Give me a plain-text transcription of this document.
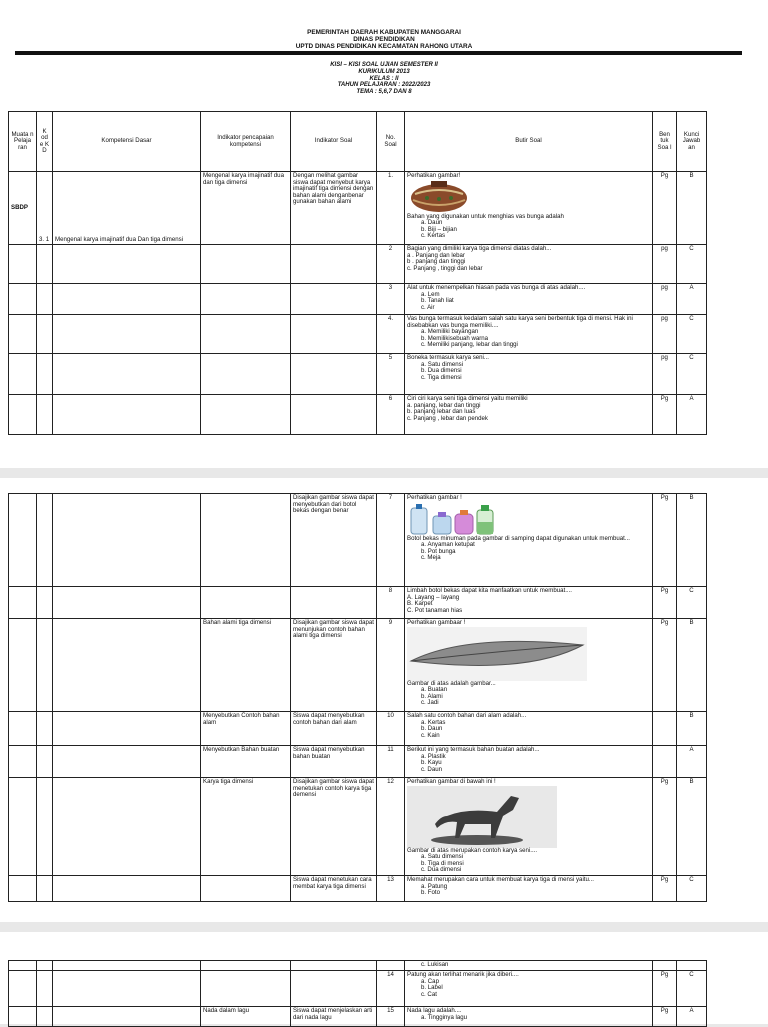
PEMERINTAH DAERAH KABUPATEN MANGGARAI
DINAS PENDIDIKAN
UPTD DINAS PENDIDIKAN KECAMATAN RAHONG UTARA
KISI – KISI SOAL UJIAN SEMESTER II
KURIKULUM 2013
KELAS : II
TAHUN PELAJARAN : 2022/2023
TEMA : 5,6,7 DAN 8
Muata n Pelaja ran	K od e K D	Kompetensi Dasar	Indikator pencapaian kompetensi	Indikator Soal	No. Soal	Butir Soal	Ben tuk Soa l	Kunci Jawab an
SBDP	3. 1	Mengenal karya imajinatif dua Dan tiga dimensi	Mengenal karya imajinatif dua dan tiga dimensi	Dengan melihat gambar siswa dapat menyebut karya imajinatif tiga dimensi dengan bahan alami denganbenar gunakan bahan alami	1.	Perhatikan gambar!
Bahan yang digunakan untuk menghias vas bunga adalah
a. Daun
b. Biji – bijian
c. Kertas	Pg	B
					2	Bagian yang dimiliki karya tiga dimensi diatas dalah...
a . Panjang dan lebar
b . panjang dan tinggi
c. Panjang , tinggi dan lebar	pg	C
					3	Alat untuk menempelkan hiasan pada vas bunga di atas adalah....
a. Lem
b. Tanah liat
c. Air	pg	A
					4.	Vas bunga termasuk kedalam salah satu karya seni berbentuk tiga di mensi. Hak ini disebabkan vas bunga memiliki....
a. Memiliki bayangan
b. Memilikisebuah warna
c. Memiliki panjang, lebar dan tinggi	pg	C
					5	Boneka termasuk karya seni...
a. Satu dimensi
b. Dua dimensi
c. Tiga dimensi	pg	C
					6	Ciri ciri karya seni tiga dimensi yaitu memiliki
a. panjang, lebar dan tinggi
b. panjang lebar dan luas
c. Panjang , lebar dan pendek	Pg	A
				Disajikan gambar siswa dapat menyebutkan dari botol bekas dengan benar	7	Perhatikan gambar !
Botol bekas minuman pada gambar di samping dapat digunakan untuk membuat...
a. Anyaman ketupat
b. Pot bunga
c. Meja	Pg	B
					8	Limbah botol bekas dapat kita manfaatkan untuk membuat....
A. Layang – layang
B. Karpet
C. Pot tanaman hias	Pg	C
			Bahan alami tiga dimensi	Disajikan gambar siswa dapat menunjukan contoh bahan alami tiga dimensi	9	Perhatikan gambaar !
Gambar di atas adalah gambar...
a. Buatan
b. Alami
c. Jadi	Pg	B
			Menyebutkan Contoh bahan alam	Siswa dapat menyebutkan contoh bahan dari alam	10	Salah satu contoh bahan dari alam adalah...
a. Kertas
b. Daun
c. Kain		B
			Menyebutkan Bahan buatan	Siswa dapat menyebutkan bahan buatan	11	Berikut ini yang termasuk bahan buatan adalah...
a. Plastik
b. Kayu
c. Daun		A
			Karya tiga dimensi	Disajikan gambar siswa dapat menetukan contoh karya tiga demensi	12	Perhatikan gambar di bawah ini !
Gambar di atas merupakan contoh karya seni....
a. Satu dimensi
b. Tiga di mensi
c. Dua dimensi	Pg	B
				Siswa dapat menetukan cara membat karya tiga dimensi	13	Memahat merupakan cara untuk membuat karya tiga di mensi yaitu...
a. Patung
b. Foto	Pg	C

						c. Lukisan		

					14	Patung akan terlihat menarik jika diberi....
a. Cap
b. Label
c. Cat	Pg	C
			Nada dalam lagu	Siswa dapat menjelaskan arti dari nada lagu	15	Nada lagu adalah....
a. Tingginya lagu	Pg	A
